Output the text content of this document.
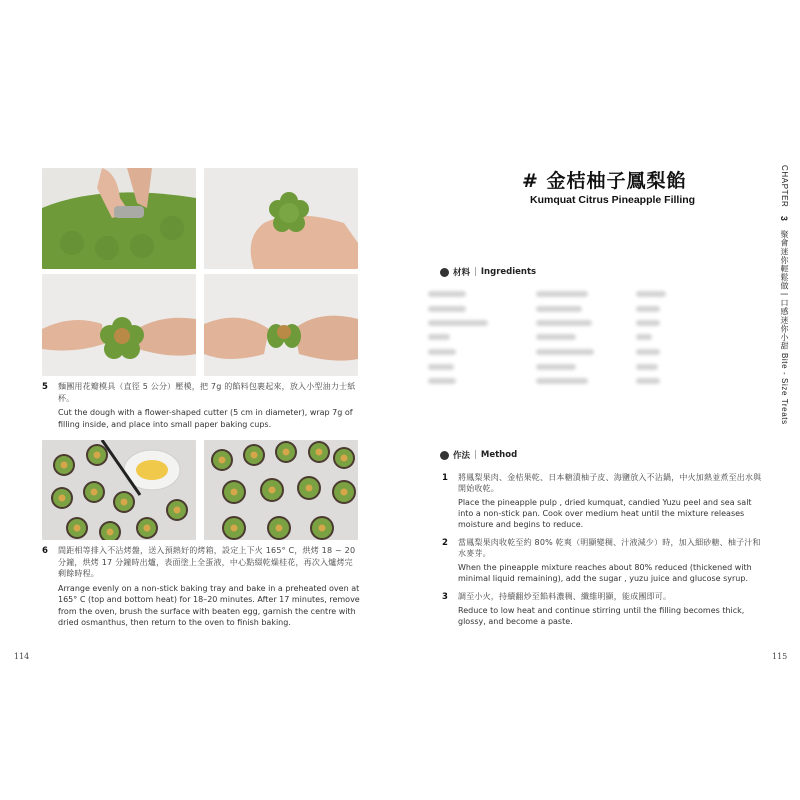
5 麵團用花瓣模具（直徑 5 公分）壓模，把 7g 的餡料包裹起來，放入小型油力士紙杯。
Cut the dough with a flower-shaped cutter (5 cm in diameter), wrap 7g of filling inside, and place into small paper baking cups.
6 間距相等排入不沾烤盤，送入預熱好的烤箱，設定上下火 165° C，烘烤 18 ~ 20 分鐘，烘烤 17 分鐘時出爐，表面塗上全蛋液，中心點綴乾燥桂花，再次入爐烤完剩餘時程。
Arrange evenly on a non-stick baking tray and bake in a preheated oven at 165° C (top and bottom heat) for 18–20 minutes. After 17 minutes, remove from the oven, brush the surface with beaten egg, garnish the centre with dried osmanthus, then return to the oven to finish baking.
114
# 金桔柚子鳳梨餡
Kumquat Citrus Pineapple Filling
材料 | Ingredients
作法 | Method
1 將鳳梨果肉、金桔果乾、日本糖漬柚子皮、海鹽放入不沾鍋，中火加熱並煮至出水與開始收乾。
Place the pineapple pulp , dried kumquat, candied Yuzu peel and sea salt into a non-stick pan. Cook over medium heat until the mixture releases moisture and begins to reduce.
2 當鳳梨果肉收乾至約 80% 乾爽（明顯變稠、汁液減少）時，加入細砂糖、柚子汁和水麥芽。
When the pineapple mixture reaches about 80% reduced (thickened with minimal liquid remaining), add the sugar , yuzu juice and glucose syrup.
3 調至小火，持續翻炒至餡料濃稠、纖維明顯，能成團即可。
Reduce to low heat and continue stirring until the filling becomes thick, glossy, and become a paste.
115
CHAPTER   3   聚會迷你輕鬆做 | 口感迷你小甜 Bite - Size Treats
